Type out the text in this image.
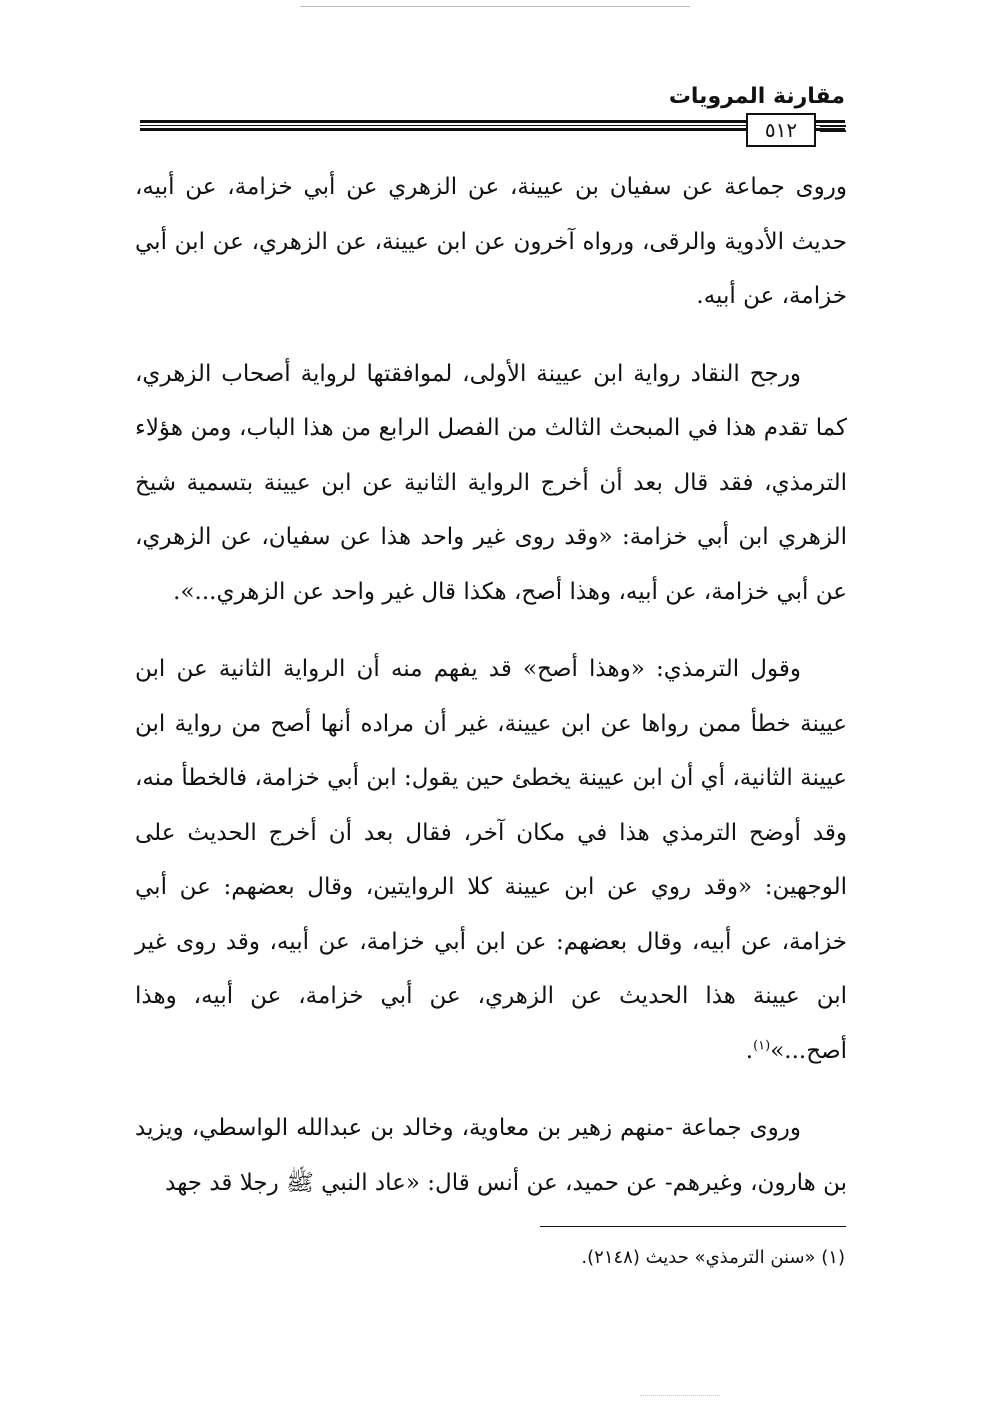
مقارنة المرويات
٥١٢

وروى جماعة عن سفيان بن عيينة، عن الزهري عن أبي خزامة، عن أبيه، حديث الأدوية والرقى، ورواه آخرون عن ابن عيينة، عن الزهري، عن ابن أبي خزامة، عن أبيه.

ورجح النقاد رواية ابن عيينة الأولى، لموافقتها لرواية أصحاب الزهري، كما تقدم هذا في المبحث الثالث من الفصل الرابع من هذا الباب، ومن هؤلاء الترمذي، فقد قال بعد أن أخرج الرواية الثانية عن ابن عيينة بتسمية شيخ الزهري ابن أبي خزامة: «وقد روى غير واحد هذا عن سفيان، عن الزهري، عن أبي خزامة، عن أبيه، وهذا أصح، هكذا قال غير واحد عن الزهري...».

وقول الترمذي: «وهذا أصح» قد يفهم منه أن الرواية الثانية عن ابن عيينة خطأ ممن رواها عن ابن عيينة، غير أن مراده أنها أصح من رواية ابن عيينة الثانية، أي أن ابن عيينة يخطئ حين يقول: ابن أبي خزامة، فالخطأ منه، وقد أوضح الترمذي هذا في مكان آخر، فقال بعد أن أخرج الحديث على الوجهين: «وقد روي عن ابن عيينة كلا الروايتين، وقال بعضهم: عن أبي خزامة، عن أبيه، وقال بعضهم: عن ابن أبي خزامة، عن أبيه، وقد روى غير ابن عيينة هذا الحديث عن الزهري، عن أبي خزامة، عن أبيه، وهذا أصح...»$^{(١)}$.

وروى جماعة -منهم زهير بن معاوية، وخالد بن عبدالله الواسطي، ويزيد بن هارون، وغيرهم- عن حميد، عن أنس قال: «عاد النبي ﷺ رجلا قد جهد

(١) «سنن الترمذي» حديث (٢١٤٨).
